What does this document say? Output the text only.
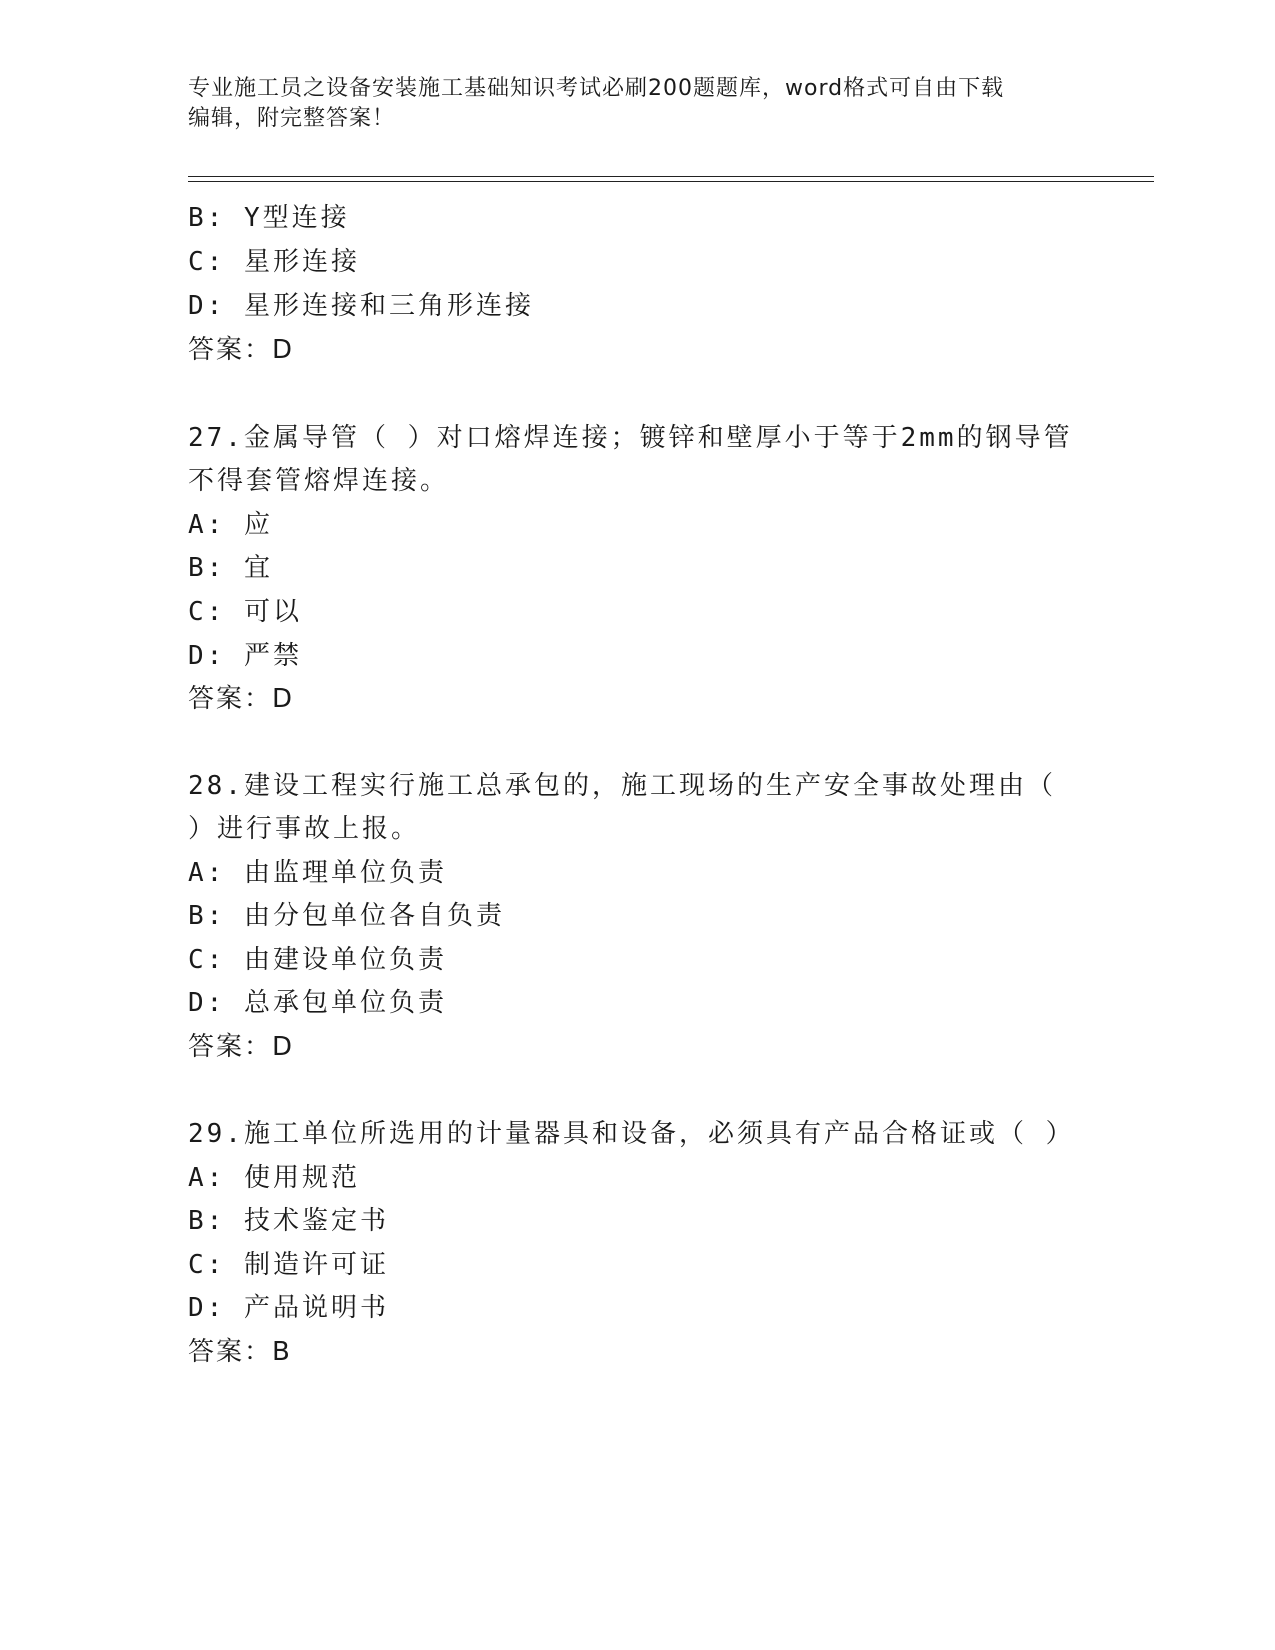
专业施工员之设备安装施工基础知识考试必刷200题题库，word格式可自由下载
编辑，附完整答案！
B: Y型连接
C: 星形连接
D: 星形连接和三角形连接
答案：D
27.金属导管（ ）对口熔焊连接；镀锌和壁厚小于等于2mm的钢导管
不得套管熔焊连接。
A: 应
B: 宜
C: 可以
D: 严禁
答案：D
28.建设工程实行施工总承包的，施工现场的生产安全事故处理由（
）进行事故上报。
A: 由监理单位负责
B: 由分包单位各自负责
C: 由建设单位负责
D: 总承包单位负责
答案：D
29.施工单位所选用的计量器具和设备，必须具有产品合格证或（ ）
A: 使用规范
B: 技术鉴定书
C: 制造许可证
D: 产品说明书
答案：B
